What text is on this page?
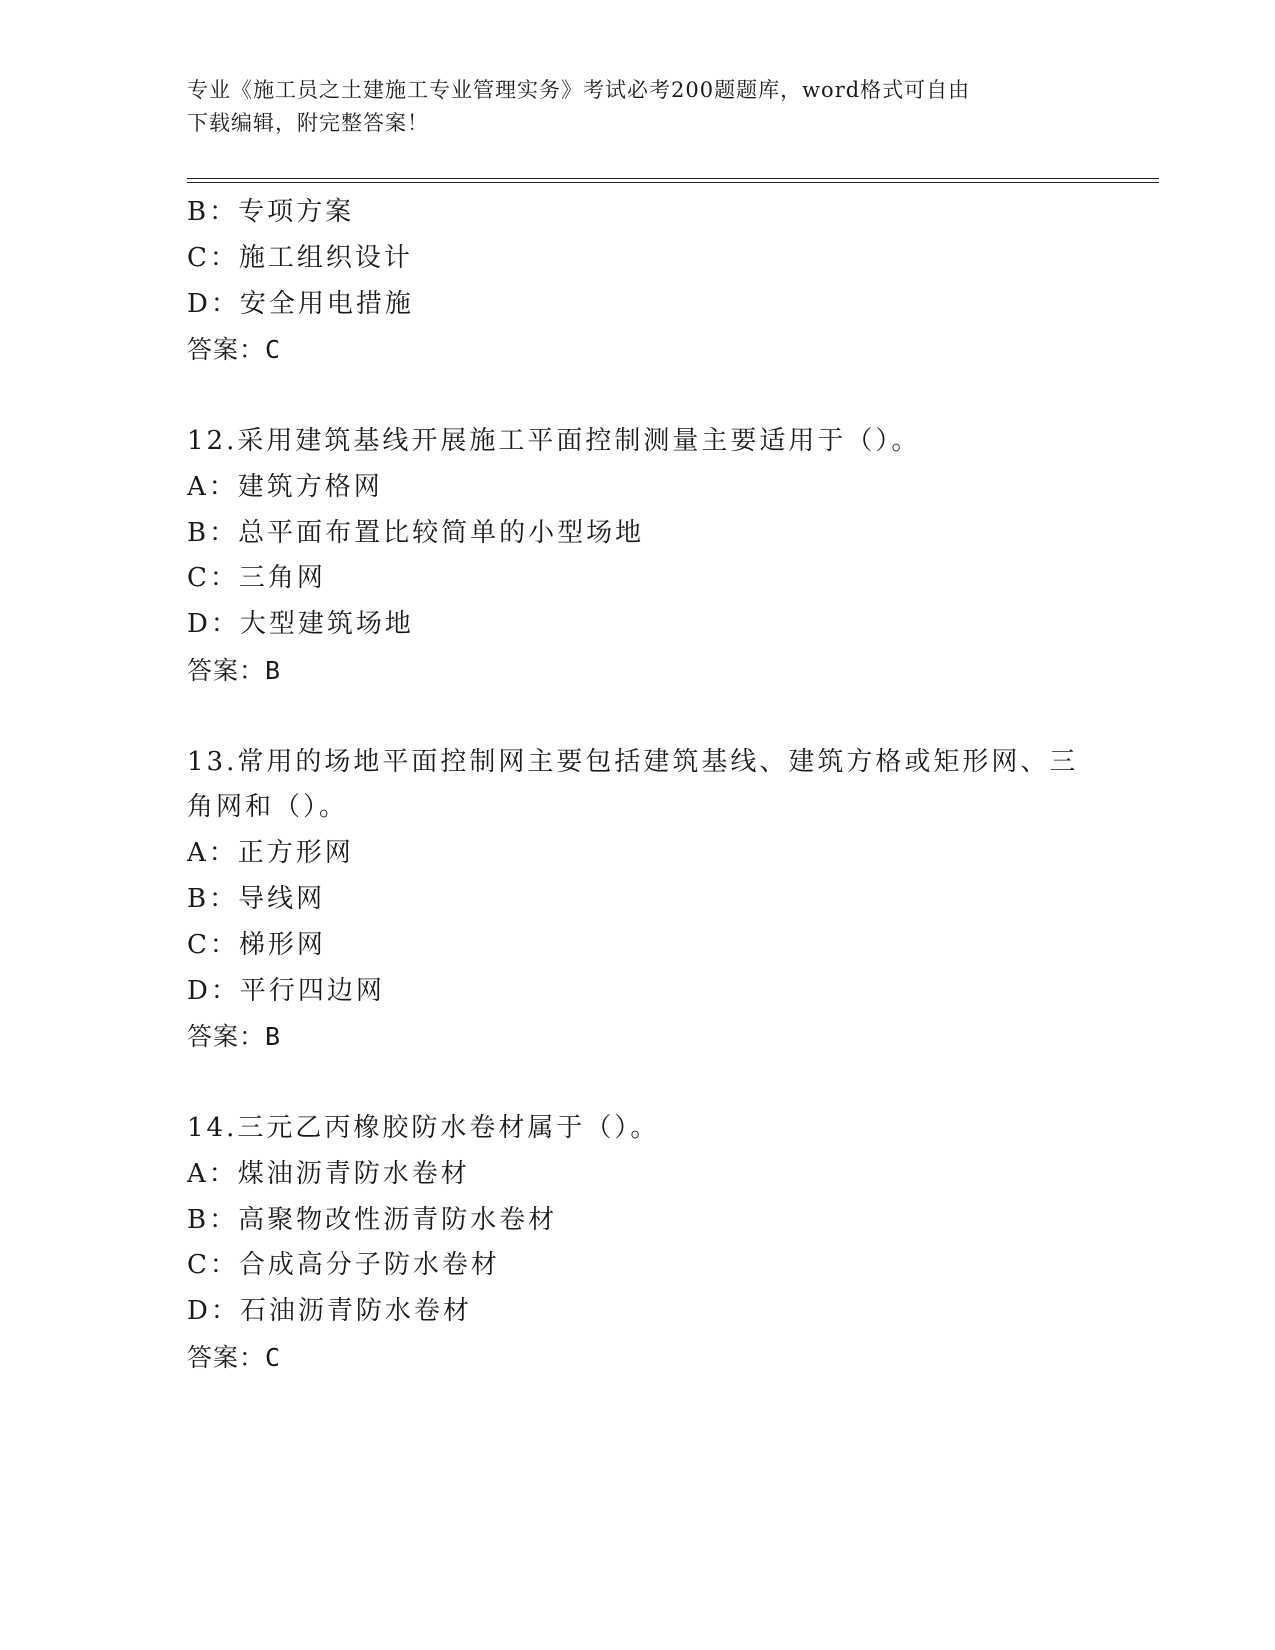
专业《施工员之土建施工专业管理实务》考试必考200题题库，word格式可自由
下载编辑，附完整答案！
B：专项方案
C：施工组织设计
D：安全用电措施
答案：C
12.采用建筑基线开展施工平面控制测量主要适用于（）。
A：建筑方格网
B：总平面布置比较简单的小型场地
C：三角网
D：大型建筑场地
答案：B
13.常用的场地平面控制网主要包括建筑基线、建筑方格或矩形网、三
角网和（）。
A：正方形网
B：导线网
C：梯形网
D：平行四边网
答案：B
14.三元乙丙橡胶防水卷材属于（）。
A：煤油沥青防水卷材
B：高聚物改性沥青防水卷材
C：合成高分子防水卷材
D：石油沥青防水卷材
答案：C
